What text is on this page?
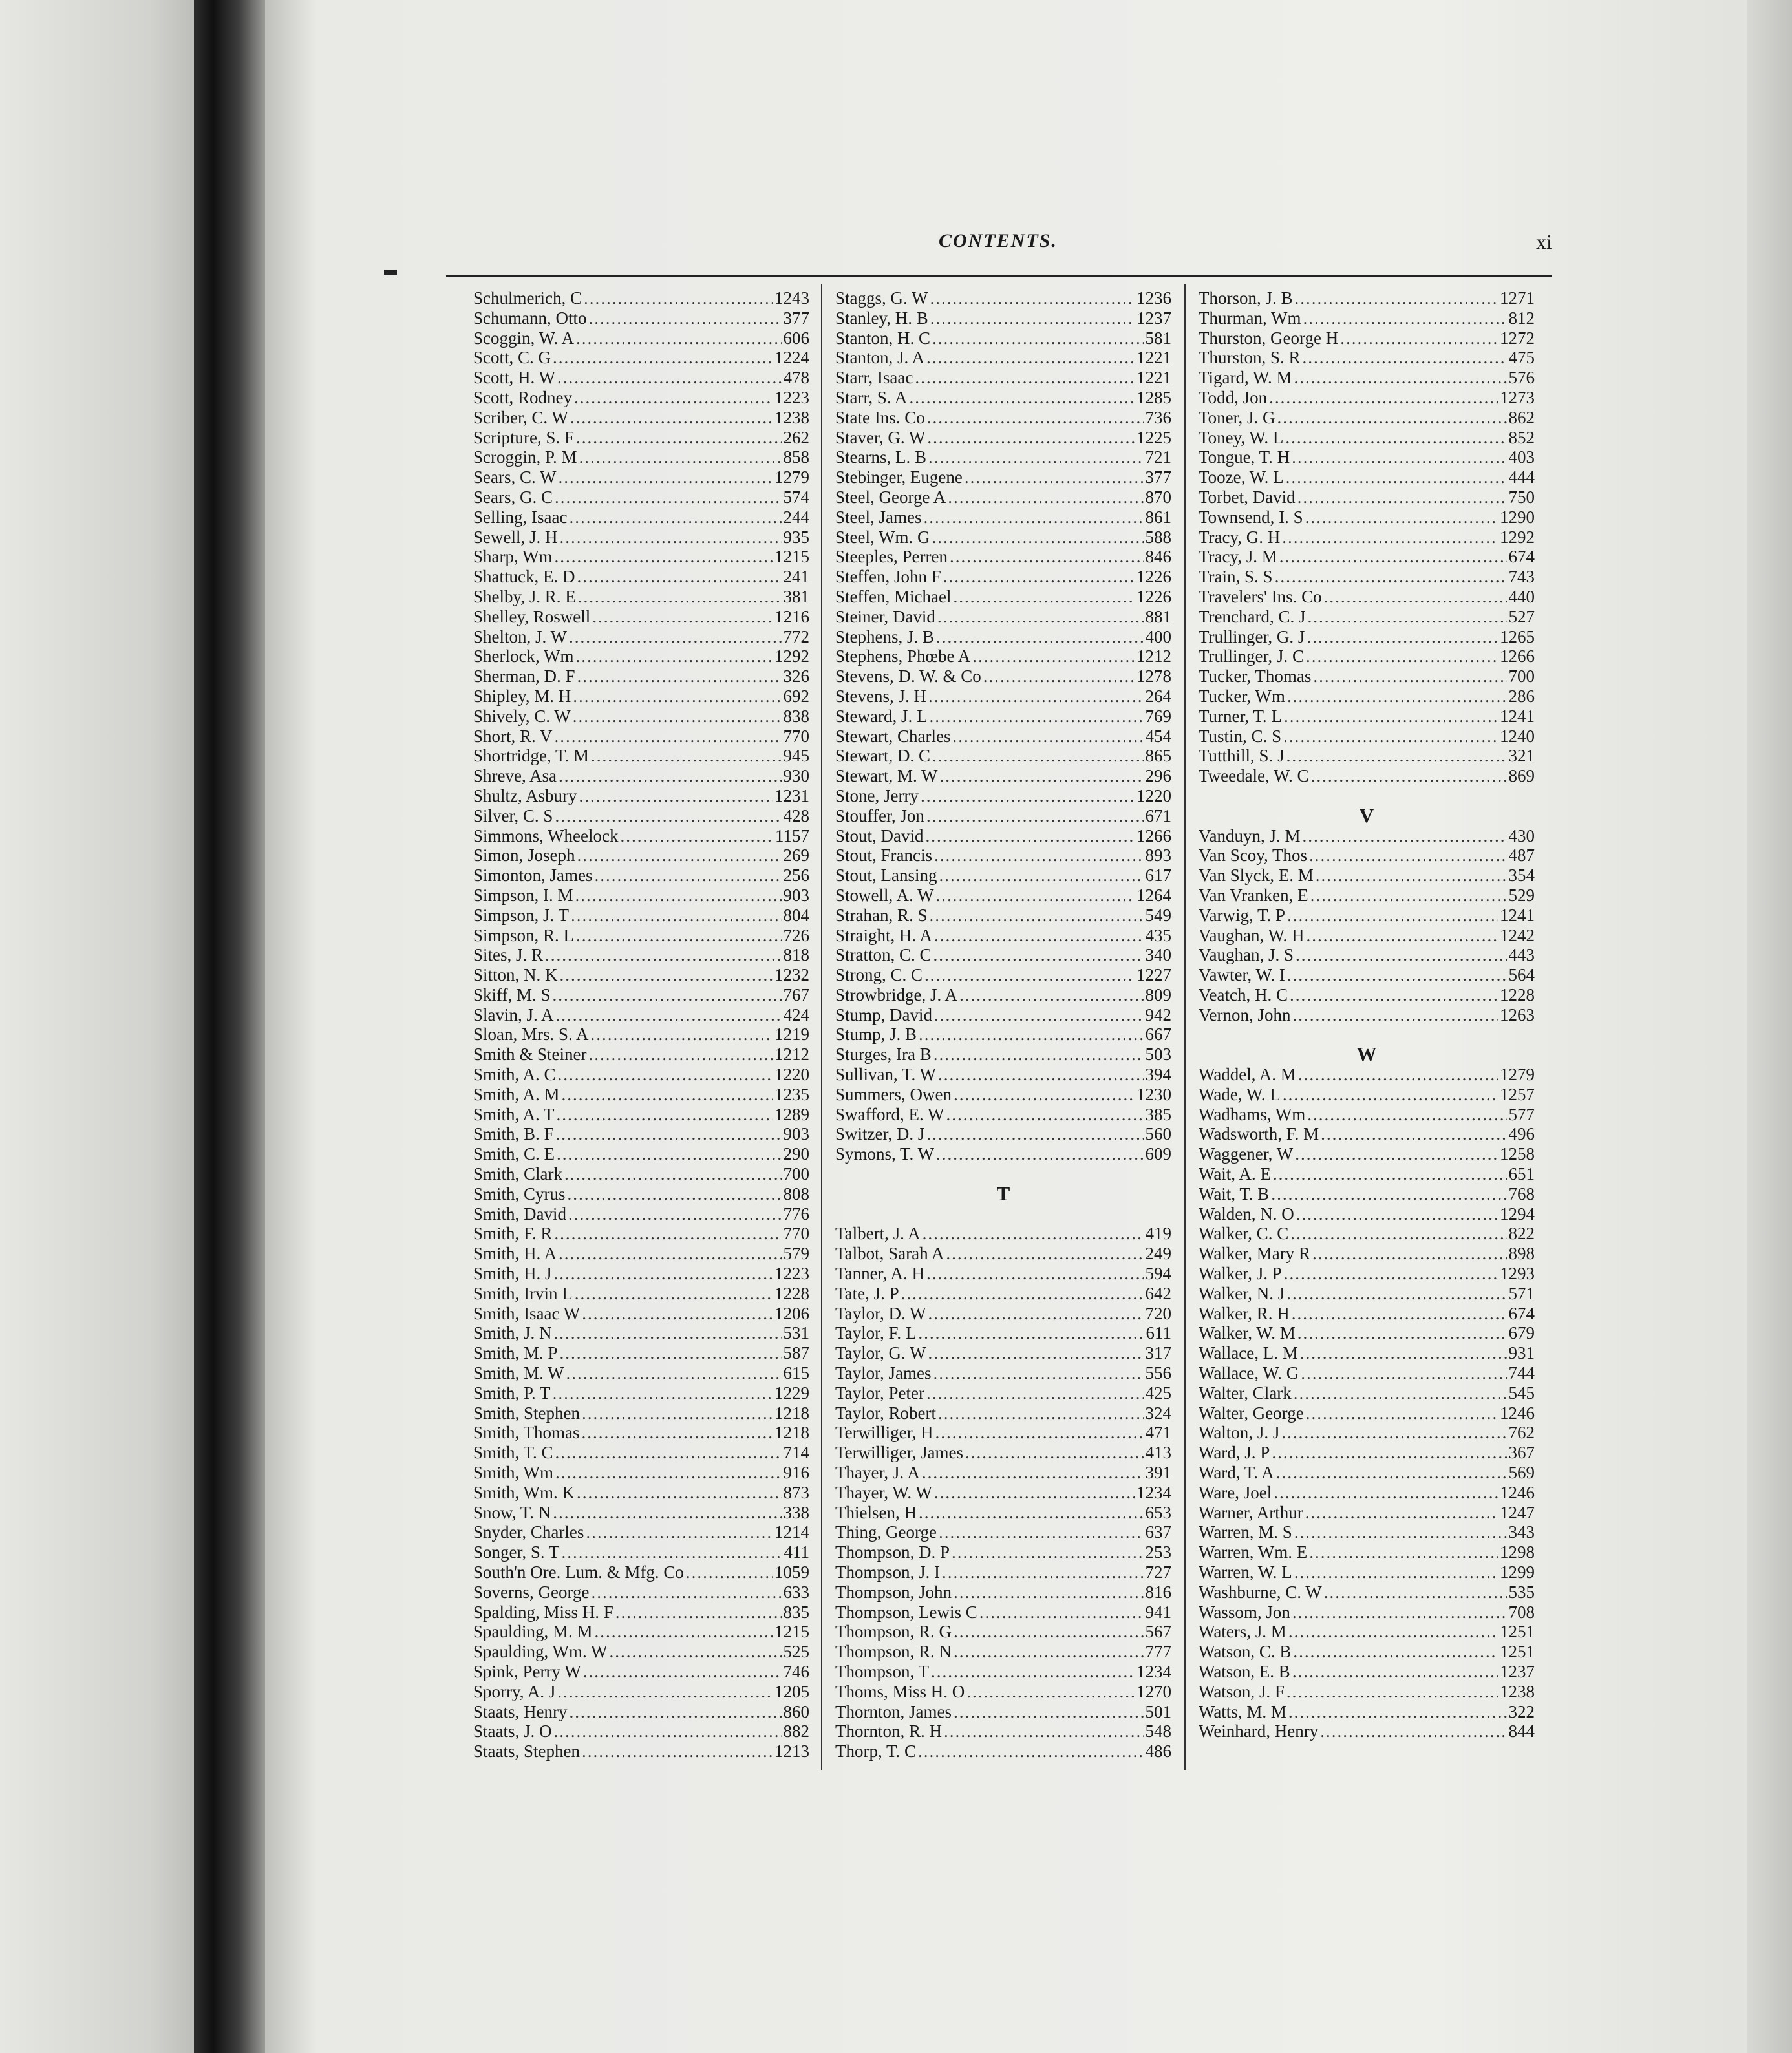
CONTENTS.	xi
Schulmerich, C .....	1243
Schumann, Otto .....	377
Scoggin, W. A .....	606
Scott, C. G .....	1224
Scott, H. W .....	478
Scott, Rodney .....	1223
Scriber, C. W .....	1238
Scripture, S. F .....	262
Scroggin, P. M .....	858
Sears, C. W .....	1279
Sears, G. C .....	574
Selling, Isaac .....	244
Sewell, J. H .....	935
Sharp, Wm .....	1215
Shattuck, E. D .....	241
Shelby, J. R. E .....	381
Shelley, Roswell .....	1216
Shelton, J. W .....	772
Sherlock, Wm .....	1292
Sherman, D. F .....	326
Shipley, M. H .....	692
Shively, C. W .....	838
Short, R. V .....	770
Shortridge, T. M .....	945
Shreve, Asa .....	930
Shultz, Asbury .....	1231
Silver, C. S .....	428
Simmons, Wheelock .....	1157
Simon, Joseph .....	269
Simonton, James .....	256
Simpson, I. M .....	903
Simpson, J. T .....	804
Simpson, R. L .....	726
Sites, J. R .....	818
Sitton, N. K .....	1232
Skiff, M. S .....	767
Slavin, J. A .....	424
Sloan, Mrs. S. A .....	1219
Smith & Steiner .....	1212
Smith, A. C .....	1220
Smith, A. M .....	1235
Smith, A. T .....	1289
Smith, B. F .....	903
Smith, C. E .....	290
Smith, Clark .....	700
Smith, Cyrus .....	808
Smith, David .....	776
Smith, F. R .....	770
Smith, H. A .....	579
Smith, H. J .....	1223
Smith, Irvin L .....	1228
Smith, Isaac W .....	1206
Smith, J. N .....	531
Smith, M. P .....	587
Smith, M. W .....	615
Smith, P. T .....	1229
Smith, Stephen .....	1218
Smith, Thomas .....	1218
Smith, T. C .....	714
Smith, Wm .....	916
Smith, Wm. K .....	873
Snow, T. N .....	338
Snyder, Charles .....	1214
Songer, S. T .....	411
South'n Ore. Lum. & Mfg. Co .....	1059
Soverns, George .....	633
Spalding, Miss H. F .....	835
Spaulding, M. M .....	1215
Spaulding, Wm. W .....	525
Spink, Perry W .....	746
Sporry, A. J .....	1205
Staats, Henry .....	860
Staats, J. O .....	882
Staats, Stephen .....	1213
Staggs, G. W .....	1236
Stanley, H. B .....	1237
Stanton, H. C .....	581
Stanton, J. A .....	1221
Starr, Isaac .....	1221
Starr, S. A .....	1285
State Ins. Co .....	736
Staver, G. W .....	1225
Stearns, L. B .....	721
Stebinger, Eugene .....	377
Steel, George A .....	870
Steel, James .....	861
Steel, Wm. G .....	588
Steeples, Perren .....	846
Steffen, John F .....	1226
Steffen, Michael .....	1226
Steiner, David .....	881
Stephens, J. B .....	400
Stephens, Phœbe A .....	1212
Stevens, D. W. & Co .....	1278
Stevens, J. H .....	264
Steward, J. L .....	769
Stewart, Charles .....	454
Stewart, D. C .....	865
Stewart, M. W .....	296
Stone, Jerry .....	1220
Stouffer, Jon .....	671
Stout, David .....	1266
Stout, Francis .....	893
Stout, Lansing .....	617
Stowell, A. W .....	1264
Strahan, R. S .....	549
Straight, H. A .....	435
Stratton, C. C .....	340
Strong, C. C .....	1227
Strowbridge, J. A .....	809
Stump, David .....	942
Stump, J. B .....	667
Sturges, Ira B .....	503
Sullivan, T. W .....	394
Summers, Owen .....	1230
Swafford, E. W .....	385
Switzer, D. J .....	560
Symons, T. W .....	609
T
Talbert, J. A .....	419
Talbot, Sarah A .....	249
Tanner, A. H .....	594
Tate, J. P .....	642
Taylor, D. W .....	720
Taylor, F. L .....	611
Taylor, G. W .....	317
Taylor, James .....	556
Taylor, Peter .....	425
Taylor, Robert .....	324
Terwilliger, H .....	471
Terwilliger, James .....	413
Thayer, J. A .....	391
Thayer, W. W .....	1234
Thielsen, H .....	653
Thing, George .....	637
Thompson, D. P .....	253
Thompson, J. I .....	727
Thompson, John .....	816
Thompson, Lewis C .....	941
Thompson, R. G .....	567
Thompson, R. N .....	777
Thompson, T .....	1234
Thoms, Miss H. O .....	1270
Thornton, James .....	501
Thornton, R. H .....	548
Thorp, T. C .....	486
Thorson, J. B .....	1271
Thurman, Wm .....	812
Thurston, George H .....	1272
Thurston, S. R .....	475
Tigard, W. M .....	576
Todd, Jon .....	1273
Toner, J. G .....	862
Toney, W. L .....	852
Tongue, T. H .....	403
Tooze, W. L .....	444
Torbet, David .....	750
Townsend, I. S .....	1290
Tracy, G. H .....	1292
Tracy, J. M .....	674
Train, S. S .....	743
Travelers' Ins. Co .....	440
Trenchard, C. J .....	527
Trullinger, G. J .....	1265
Trullinger, J. C .....	1266
Tucker, Thomas .....	700
Tucker, Wm .....	286
Turner, T. L .....	1241
Tustin, C. S .....	1240
Tutthill, S. J .....	321
Tweedale, W. C .....	869
V
Vanduyn, J. M .....	430
Van Scoy, Thos .....	487
Van Slyck, E. M .....	354
Van Vranken, E .....	529
Varwig, T. P .....	1241
Vaughan, W. H .....	1242
Vaughan, J. S .....	443
Vawter, W. I .....	564
Veatch, H. C .....	1228
Vernon, John .....	1263
W
Waddel, A. M .....	1279
Wade, W. L .....	1257
Wadhams, Wm .....	577
Wadsworth, F. M .....	496
Waggener, W .....	1258
Wait, A. E .....	651
Wait, T. B .....	768
Walden, N. O .....	1294
Walker, C. C .....	822
Walker, Mary R .....	898
Walker, J. P .....	1293
Walker, N. J .....	571
Walker, R. H .....	674
Walker, W. M .....	679
Wallace, L. M .....	931
Wallace, W. G .....	744
Walter, Clark .....	545
Walter, George .....	1246
Walton, J. J .....	762
Ward, J. P .....	367
Ward, T. A .....	569
Ware, Joel .....	1246
Warner, Arthur .....	1247
Warren, M. S .....	343
Warren, Wm. E .....	1298
Warren, W. L .....	1299
Washburne, C. W .....	535
Wassom, Jon .....	708
Waters, J. M .....	1251
Watson, C. B .....	1251
Watson, E. B .....	1237
Watson, J. F .....	1238
Watts, M. M .....	322
Weinhard, Henry .....	844
